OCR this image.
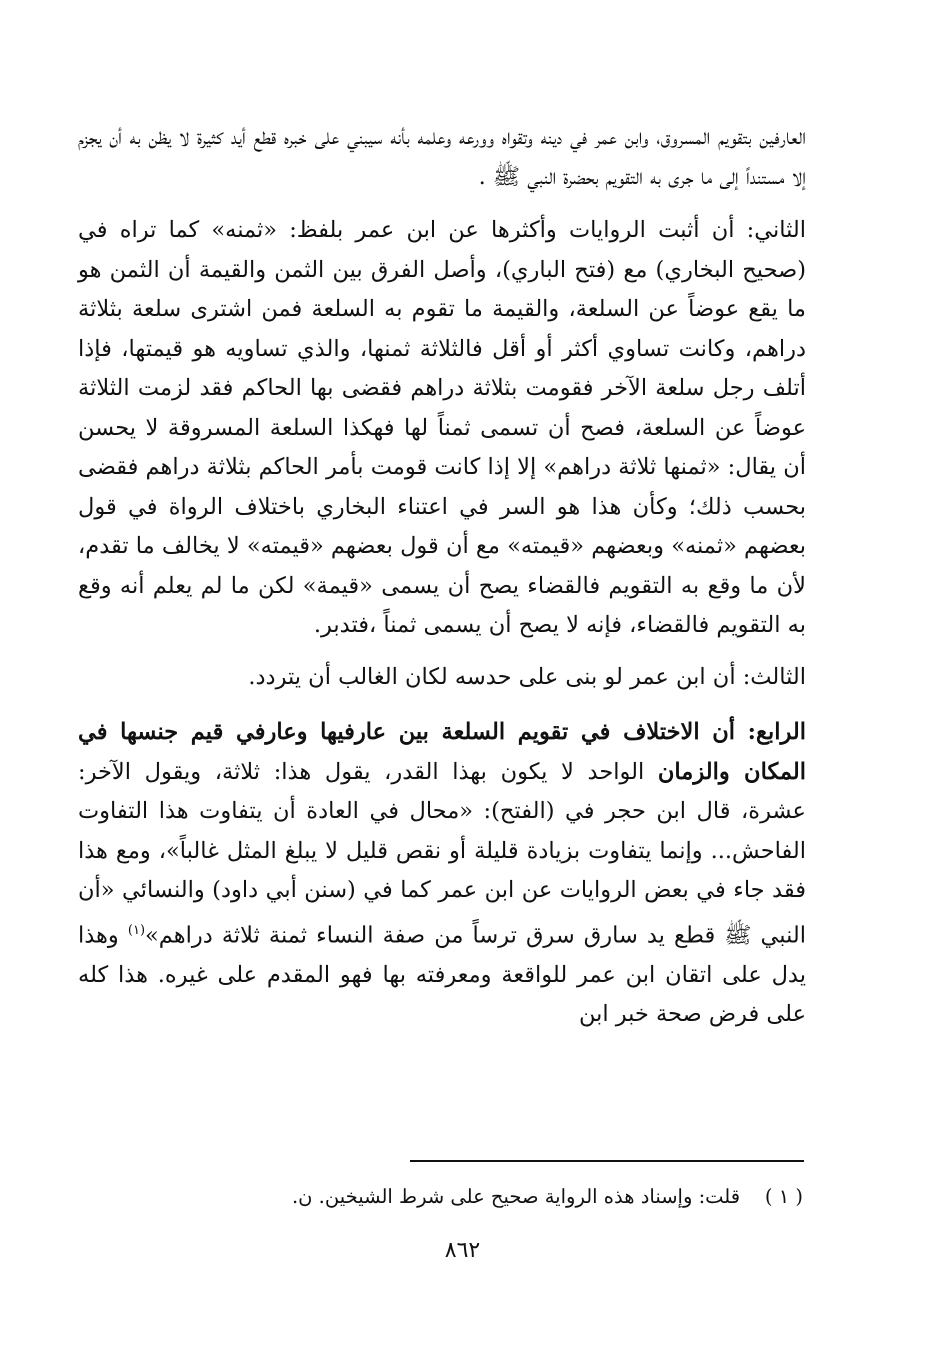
العارفين بتقويم المسروق، وابن عمر في دينه وتقواه وورعه وعلمه بأنه سيبني على خبره قطع أيد كثيرة لا يظن به أن يجزم إلا مستنداً إلى ما جرى به التقويم بحضرة النبي ﷺ .

الثاني: أن أثبت الروايات وأكثرها عن ابن عمر بلفظ: «ثمنه» كما تراه في (صحيح البخاري) مع (فتح الباري)، وأصل الفرق بين الثمن والقيمة أن الثمن هو ما يقع عوضاً عن السلعة، والقيمة ما تقوم به السلعة فمن اشترى سلعة بثلاثة دراهم، وكانت تساوي أكثر أو أقل فالثلاثة ثمنها، والذي تساويه هو قيمتها، فإذا أتلف رجل سلعة الآخر فقومت بثلاثة دراهم فقضى بها الحاكم فقد لزمت الثلاثة عوضاً عن السلعة، فصح أن تسمى ثمناً لها فهكذا السلعة المسروقة لا يحسن أن يقال: «ثمنها ثلاثة دراهم» إلا إذا كانت قومت بأمر الحاكم بثلاثة دراهم فقضى بحسب ذلك؛ وكأن هذا هو السر في اعتناء البخاري باختلاف الرواة في قول بعضهم «ثمنه» وبعضهم «قيمته» مع أن قول بعضهم «قيمته» لا يخالف ما تقدم، لأن ما وقع به التقويم فالقضاء يصح أن يسمى «قيمة» لكن ما لم يعلم أنه وقع به التقويم فالقضاء، فإنه لا يصح أن يسمى ثمناً ،فتدبر.

الثالث: أن ابن عمر لو بنى على حدسه لكان الغالب أن يتردد.

الرابع: أن الاختلاف في تقويم السلعة بين عارفيها وعارفي قيم جنسها في المكان والزمان الواحد لا يكون بهذا القدر، يقول هذا: ثلاثة، ويقول الآخر: عشرة، قال ابن حجر في (الفتح): «محال في العادة أن يتفاوت هذا التفاوت الفاحش... وإنما يتفاوت بزيادة قليلة أو نقص قليل لا يبلغ المثل غالباً»، ومع هذا فقد جاء في بعض الروايات عن ابن عمر كما في (سنن أبي داود) والنسائي «أن النبي ﷺ قطع يد سارق سرق ترساً من صفة النساء ثمنة ثلاثة دراهم»$^{(١)}$ وهذا يدل على اتقان ابن عمر للواقعة ومعرفته بها فهو المقدم على غيره. هذا كله على فرض صحة خبر ابن

( ١ )    قلت: وإسناد هذه الرواية صحيح على شرط الشيخين. ن.
٨٦٢
